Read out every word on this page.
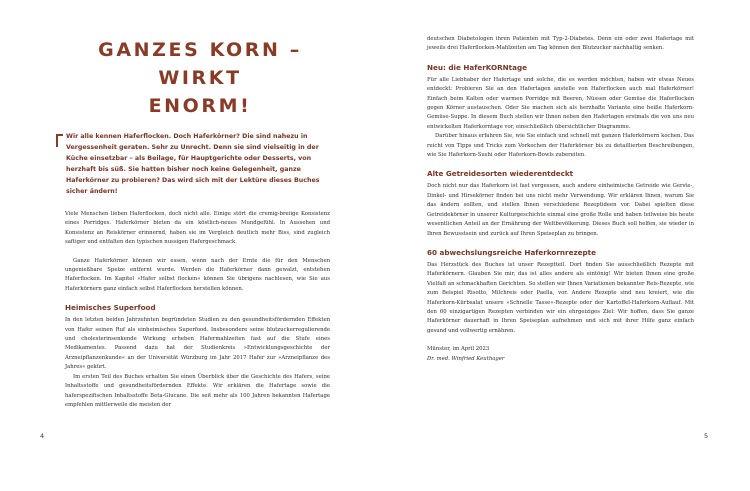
GANZES KORN – WIRKT
ENORM!

Wir alle kennen Haferflocken. Doch Haferkörner? Die sind nahezu in Vergessenheit geraten. Sehr zu Unrecht. Denn sie sind vielseitig in der Küche einsetzbar – als Beilage, für Hauptgerichte oder Desserts, von herzhaft bis süß. Sie hatten bisher noch keine Gelegenheit, ganze Haferkörner zu probieren? Das wird sich mit der Lektüre dieses Buches sicher ändern!

Viele Menschen lieben Haferflocken, doch nicht alle. Einige stört die cremig-breiige Konsistenz eines Porridges. Haferkörner bieten da ein köstlich-neues Mundgefühl. In Aussehen und Konsistenz an Reiskörner erinnernd, haben sie im Vergleich deutlich mehr Biss, sind zugleich saftiger und entfalten den typischen nussigen Hafergeschmack.

Ganze Haferkörner können wir essen, wenn nach der Ernte die für den Menschen ungenießbare Spelze entfernt wurde. Werden die Haferkörner dann gewalzt, entstehen Haferflocken. Im Kapitel »Hafer selbst flocken« können Sie übrigens nachlesen, wie Sie aus Haferkörnern ganz einfach selbst Haferflocken herstellen können.

Heimisches Superfood

In den letzten beiden Jahrzehnten begründeten Studien zu den gesundheitsfördernden Effekten von Hafer seinen Ruf als einheimisches Superfood. Insbesondere seine blutzuckerregulierende und cholesterinsenkende Wirkung erheben Hafermahlzeiten fast auf die Stufe eines Medikamentes. Passend dazu hat der Studienkreis »Entwicklungsgeschichte der Arzneipflanzenkunde« an der Universität Würzburg im Jahr 2017 Hafer zur »Arzneipflanze des Jahres« gekürt.

Im ersten Teil des Buches erhalten Sie einen Überblick über die Geschichte des Hafers, seine Inhaltsstoffe und gesundheitsfördernden Effekte. Wir erklären die Hafertage sowie die haferspezifischen Inhaltsstoffe Beta-Glucane. Die seit mehr als 100 Jahren bekannten Hafertage empfehlen mittlerweile die meisten der

4

deutschen Diabetologen ihren Patienten mit Typ-2-Diabetes. Denn ein oder zwei Hafertage mit jeweils drei Haferflocken-Mahlzeiten am Tag können den Blutzucker nachhaltig senken.

Neu: die HaferKORNtage

Für alle Liebhaber der Hafertage und solche, die es werden möchten, haben wir etwas Neues entdeckt: Probieren Sie an den Hafertagen anstelle von Haferflocken auch mal Haferkörner! Einfach beim Kalten oder warmen Porridge mit Beeren, Nüssen oder Gemüse die Haferflocken gegen Körner austauschen. Oder Sie machen sich als herzhafte Variante eine heiße Haferkorn-Gemüse-Suppe. In diesem Buch stellen wir Ihnen neben den Hafertagen erstmals die von uns neu entwickelten Haferkorntage vor, einschließlich übersichtlicher Diagramme.

Darüber hinaus erfahren Sie, wie Sie einfach und schnell mit ganzen Haferkörnern kochen. Das reicht von Tipps und Tricks zum Vorkochen der Haferkörner bis zu detaillierten Beschreibungen, wie Sie Haferkorn-Sushi oder Haferkorn-Bowls zubereiten.

Alte Getreidesorten wiederentdeckt

Doch nicht nur das Haferkorn ist fast vergessen, auch andere einheimische Getreide wie Gerste-, Dinkel- und Hirsekörner finden bei uns nicht mehr Verwendung. Wir erklären Ihnen, warum Sie das ändern sollten, und stellen Ihnen verschiedene Rezeptideen vor. Dabei spielten diese Getreidekörner in unserer Kulturgeschichte einmal eine große Rolle und haben teilweise bis heute wesentlichen Anteil an der Ernährung der Weltbevölkerung. Dieses Buch soll helfen, sie wieder in Ihren Bewusstsein und zurück auf Ihren Speiseplan zu bringen.

60 abwechslungsreiche Haferkornrezepte

Das Herzstück des Buches ist unser Rezeptteil. Dort finden Sie ausschließlich Rezepte mit Haferkörnern. Glauben Sie mir, das ist alles andere als eintönig! Wir bieten Ihnen eine große Vielfalt an schmackhaften Gerichten. So stellen wir Ihnen Variationen bekannter Reis-Rezepte, wie zum Beispiel Risotto, Milchreis oder Paella, vor. Andere Rezepte sind neu kreiert, wie die Haferkorn-Kürbsalat unsere »Schnelle Tasse«-Rezepte oder der Kartoffel-Haferkorn-Auflauf. Mit den 60 einzigartigen Rezepten verbinden wir ein ehrgeiziges Ziel: Wir hoffen, dass Sie ganze Haferkörner dauerhaft in Ihren Speiseplan aufnehmen und sich mit ihrer Hilfe ganz einfach gesund und vollwertig ernähren.

Münster, im April 2023

Dr. med. Winfried Keuthager

5
